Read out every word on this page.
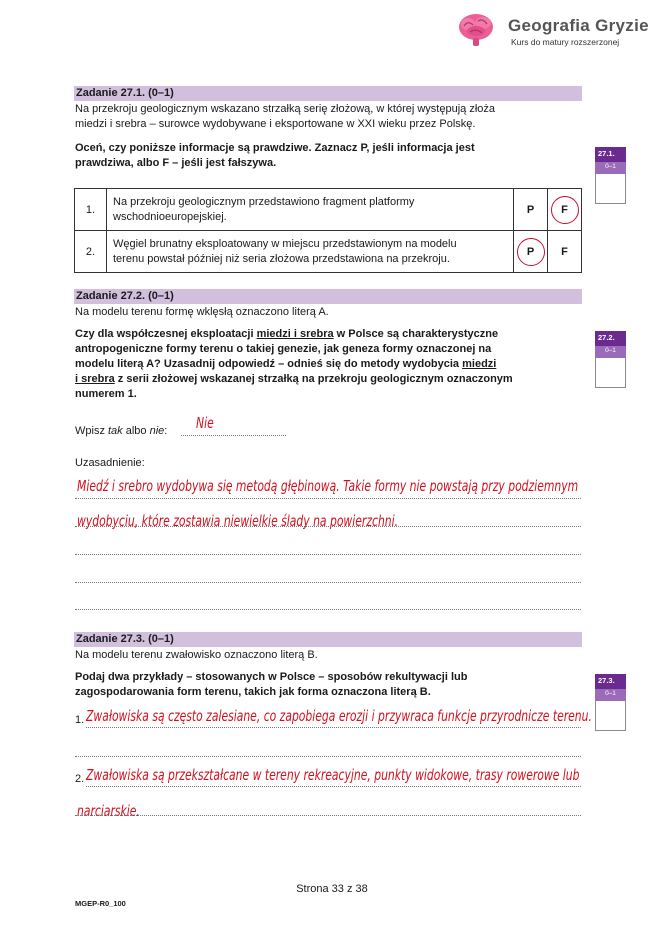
Geografia Gryzie
Kurs do matury rozszerzonej
Zadanie 27.1. (0–1)
Na przekroju geologicznym wskazano strzałką serię złożową, w której występują złoża
miedzi i srebra – surowce wydobywane i eksportowane w XXI wieku przez Polskę.
Oceń, czy poniższe informacje są prawdziwe. Zaznacz P, jeśli informacja jest
prawdziwa, albo F – jeśli jest fałszywa.
1.	Na przekroju geologicznym przedstawiono fragment platformy
wschodnioeuropejskiej.	P	F
2.	Węgiel brunatny eksploatowany w miejscu przedstawionym na modelu
terenu powstał później niż seria złożowa przedstawiona na przekroju.	P	F
27.1.
0–1
Zadanie 27.2. (0–1)
Na modelu terenu formę wklęsłą oznaczono literą A.
Czy dla współczesnej eksploatacji miedzi i srebra w Polsce są charakterystyczne
antropogeniczne formy terenu o takiej genezie, jak geneza formy oznaczonej na
modelu literą A? Uzasadnij odpowiedź – odnieś się do metody wydobycia miedzi
i srebra z serii złożowej wskazanej strzałką na przekroju geologicznym oznaczonym
numerem 1.
Wpisz tak albo nie: Nie
Uzasadnienie:
Miedź i srebro wydobywa się metodą głębinową. Takie formy nie powstają przy podziemnym
wydobyciu, które zostawia niewielkie ślady na powierzchni.
27.2.
0–1
Zadanie 27.3. (0–1)
Na modelu terenu zwałowisko oznaczono literą B.
Podaj dwa przykłady – stosowanych w Polsce – sposobów rekultywacji lub
zagospodarowania form terenu, takich jak forma oznaczona literą B.
1. Zwałowiska są często zalesiane, co zapobiega erozji i przywraca funkcje przyrodnicze terenu.
2. Zwałowiska są przekształcane w tereny rekreacyjne, punkty widokowe, trasy rowerowe lub
narciarskie.
27.3.
0–1
Strona 33 z 38
MGEP-R0_100
